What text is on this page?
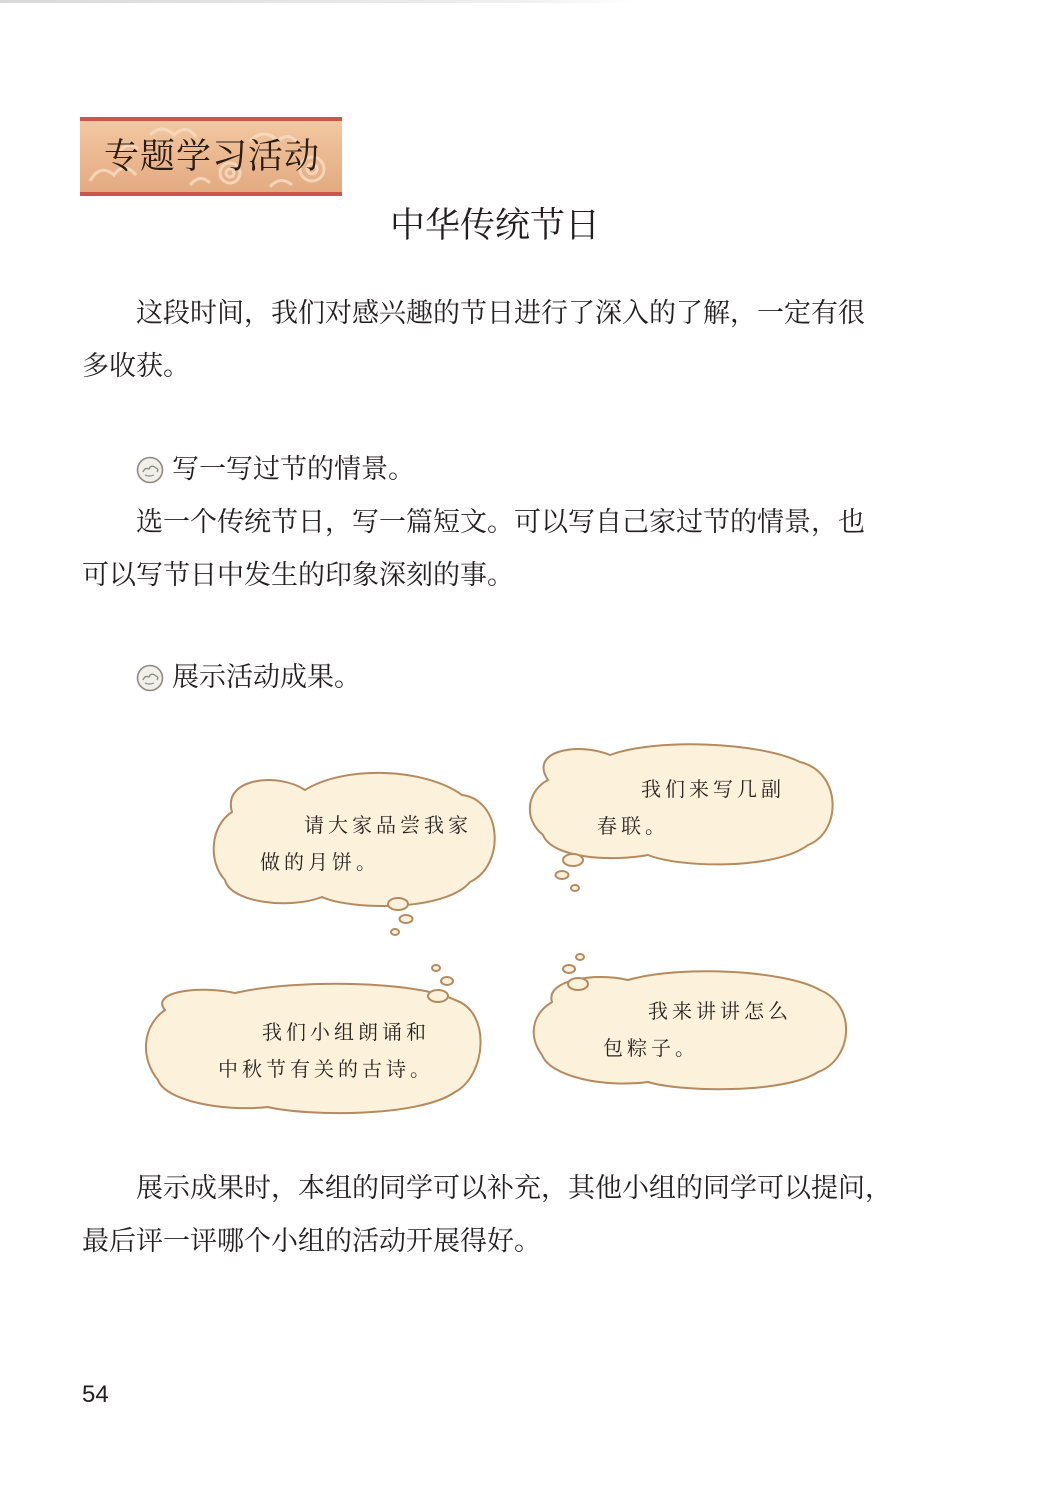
专题学习活动
中华传统节日
这段时间，我们对感兴趣的节日进行了深入的了解，一定有很
多收获。
写一写过节的情景。
选一个传统节日，写一篇短文。可以写自己家过节的情景，也
可以写节日中发生的印象深刻的事。
展示活动成果。
请大家品尝我家
做的月饼。
我们来写几副
春联。
我们小组朗诵和
中秋节有关的古诗。
我来讲讲怎么
包粽子。
展示成果时，本组的同学可以补充，其他小组的同学可以提问，
最后评一评哪个小组的活动开展得好。
54
